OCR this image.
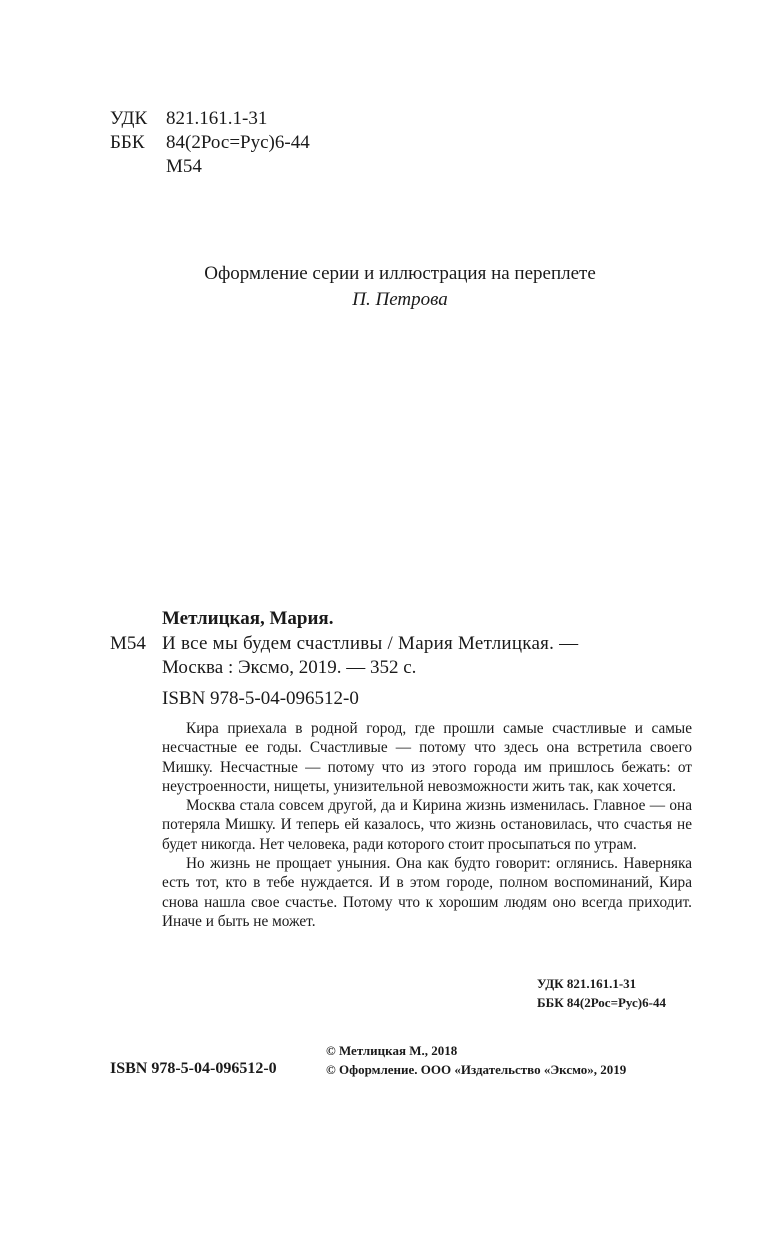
УДК 821.161.1-31
ББК 84(2Рос=Рус)6-44
М54
Оформление серии и иллюстрация на переплете
П. Петрова
Метлицкая, Мария.
М54 И все мы будем счастливы / Мария Метлицкая. —
Москва : Эксмо, 2019. — 352 с.
ISBN 978-5-04-096512-0

Кира приехала в родной город, где прошли самые счастливые и самые несчастные ее годы. Счастливые — потому что здесь она встретила своего Мишку. Несчастные — потому что из этого города им пришлось бежать: от неустроенности, нищеты, унизительной невозможности жить так, как хочется.

Москва стала совсем другой, да и Кирина жизнь изменилась. Главное — она потеряла Мишку. И теперь ей казалось, что жизнь остановилась, что счастья не будет никогда. Нет человека, ради которого стоит просыпаться по утрам.

Но жизнь не прощает уныния. Она как будто говорит: оглянись. Наверняка есть тот, кто в тебе нуждается. И в этом городе, полном воспоминаний, Кира снова нашла свое счастье. Потому что к хорошим людям оно всегда приходит. Иначе и быть не может.

УДК 821.161.1-31
ББК 84(2Рос=Рус)6-44
© Метлицкая М., 2018
ISBN 978-5-04-096512-0	© Оформление. ООО «Издательство «Эксмо», 2019
